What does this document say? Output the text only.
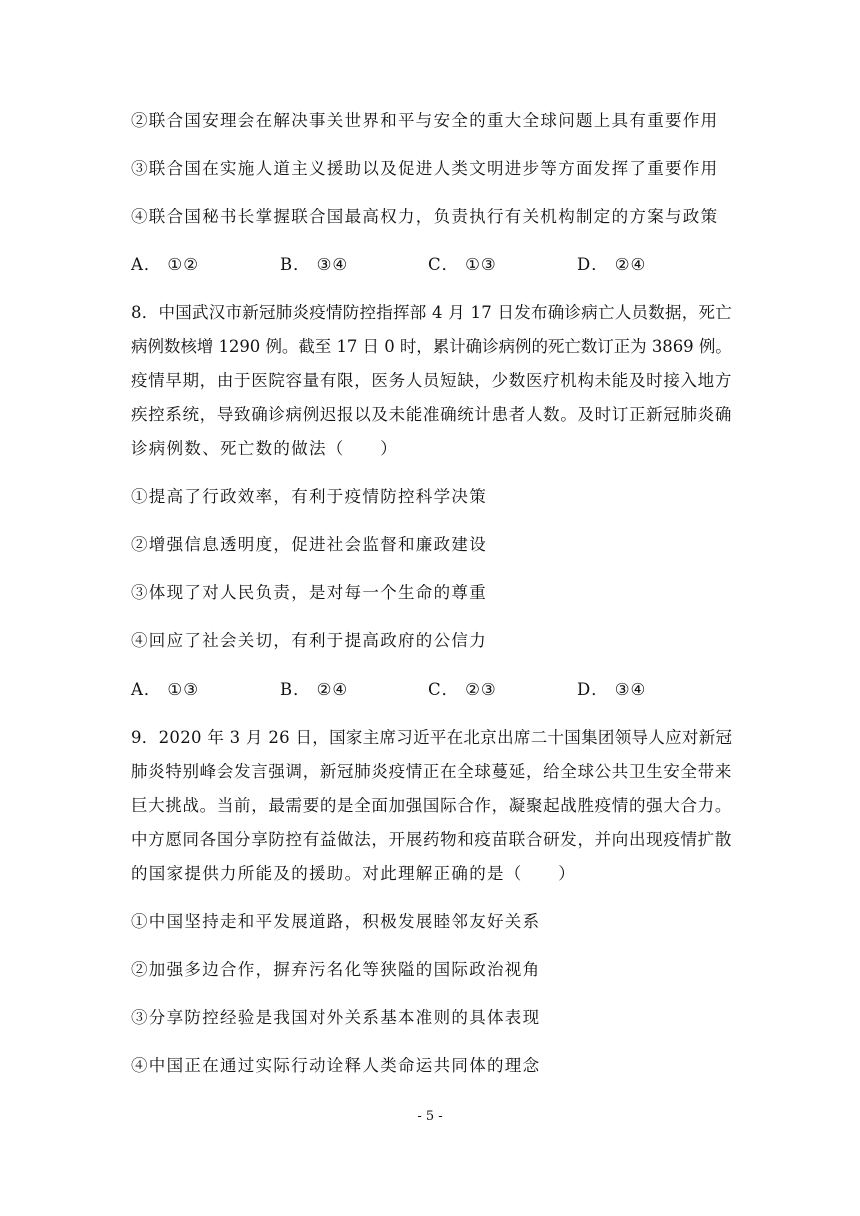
②联合国安理会在解决事关世界和平与安全的重大全球问题上具有重要作用
③联合国在实施人道主义援助以及促进人类文明进步等方面发挥了重要作用
④联合国秘书长掌握联合国最高权力，负责执行有关机构制定的方案与政策
A． ①②	B． ③④	C． ①③	D． ②④
8．中国武汉市新冠肺炎疫情防控指挥部 4 月 17 日发布确诊病亡人员数据，死亡
病例数核增 1290 例。截至 17 日 0 时，累计确诊病例的死亡数订正为 3869 例。
疫情早期，由于医院容量有限，医务人员短缺，少数医疗机构未能及时接入地方
疾控系统，导致确诊病例迟报以及未能准确统计患者人数。及时订正新冠肺炎确
诊病例数、死亡数的做法（　　）
①提高了行政效率，有利于疫情防控科学决策
②增强信息透明度，促进社会监督和廉政建设
③体现了对人民负责，是对每一个生命的尊重
④回应了社会关切，有利于提高政府的公信力
A． ①③	B． ②④	C． ②③	D． ③④
9．2020 年 3 月 26 日，国家主席习近平在北京出席二十国集团领导人应对新冠
肺炎特别峰会发言强调，新冠肺炎疫情正在全球蔓延，给全球公共卫生安全带来
巨大挑战。当前，最需要的是全面加强国际合作，凝聚起战胜疫情的强大合力。
中方愿同各国分享防控有益做法，开展药物和疫苗联合研发，并向出现疫情扩散
的国家提供力所能及的援助。对此理解正确的是（　　）
①中国坚持走和平发展道路，积极发展睦邻友好关系
②加强多边合作，摒弃污名化等狭隘的国际政治视角
③分享防控经验是我国对外关系基本准则的具体表现
④中国正在通过实际行动诠释人类命运共同体的理念
- 5 -
